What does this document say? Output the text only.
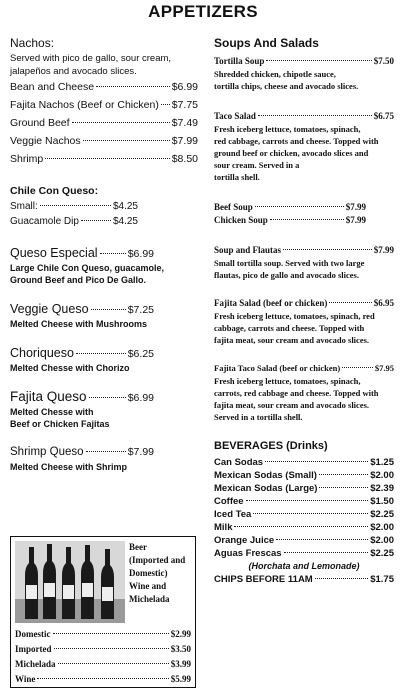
APPETIZERS
Nachos:
Served with pico de gallo, sour cream,
jalapeños and avocado slices.
Bean and Cheese	$6.99
Fajita Nachos (Beef or Chicken) $7.75
Ground Beef	$7.49
Veggie Nachos	$7.99
Shrimp	$8.50
Chile Con Queso:
Small:	$4.25
Guacamole Dip	$4.25
Queso Especial	$6.99
Large Chile Con Queso, guacamole,
Ground Beef and Pico De Gallo.
Veggie Queso	$7.25
Melted Cheese with Mushrooms
Choriqueso	$6.25
Melted Chesse with Chorizo
Fajita Queso	$6.99
Melted Chesse with
Beef or Chicken Fajitas
Shrimp Queso	$7.99
Melted Cheese with Shrimp
Beer
(Imported and
Domestic)
Wine and
Michelada
Domestic	$2.99
Imported	$3.50
Michelada	$3.99
Wine	$5.99
Soups And Salads
Tortilla Soup	$7.50
Shredded chicken, chipotle sauce,
tortilla chips, cheese and avocado slices.
Taco Salad	$6.75
Fresh iceberg lettuce, tomatoes, spinach,
red cabbage, carrots and cheese. Topped with
ground beef or chicken, avocado slices and
sour cream. Served in a
tortilla shell.
Beef Soup	$7.99
Chicken Soup	$7.99
Soup and Flautas	$7.99
Small tortilla soup. Served with two large
flautas, pico de gallo and avocado slices.
Fajita Salad (beef or chicken)	$6.95
Fresh iceberg lettuce, tomatoes, spinach, red
cabbage, carrots and cheese. Topped with
fajita meat, sour cream and avocado slices.
Fajita Taco Salad (beef or chicken)	$7.95
Fresh iceberg lettuce, tomatoes, spinach,
carrots, red cabbage and cheese. Topped with
fajita meat, sour cream and avocado slices.
Served in a tortilla shell.
BEVERAGES (Drinks)
Can Sodas	$1.25
Mexican Sodas (Small)	$2.00
Mexican Sodas (Large)	$2.39
Coffee	$1.50
Iced Tea	$2.25
Milk	$2.00
Orange Juice	$2.00
Aguas Frescas	$2.25
(Horchata and Lemonade)
CHIPS BEFORE 11AM	$1.75
